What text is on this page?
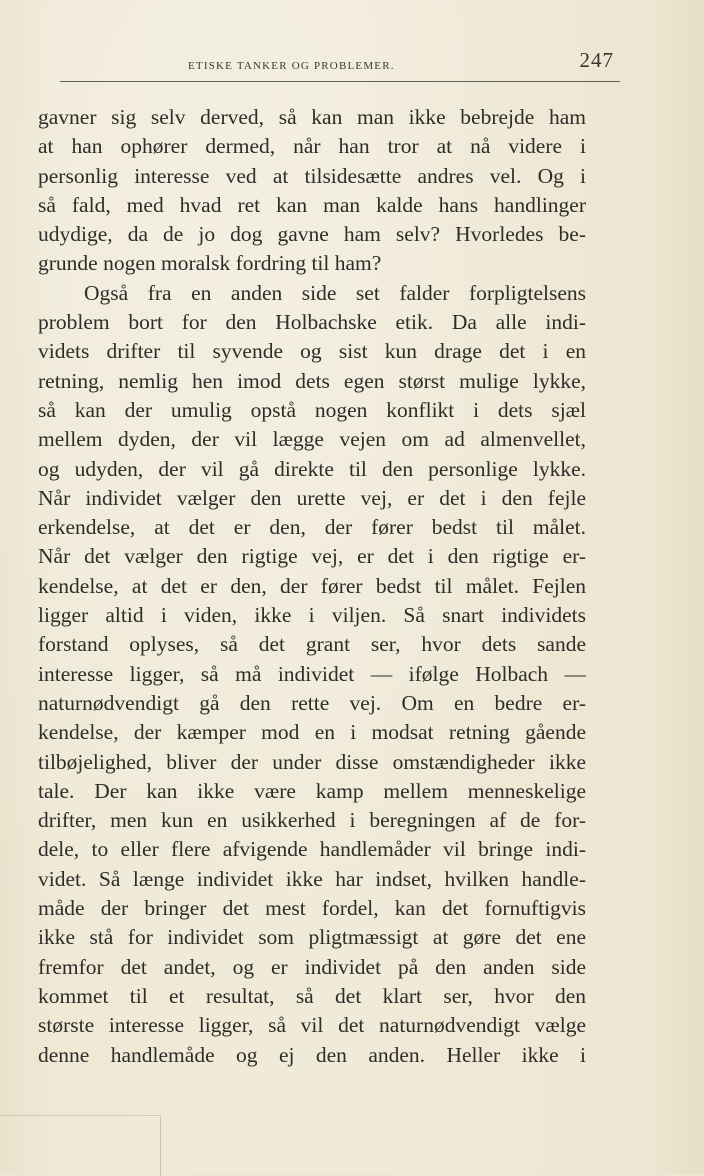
ETISKE TANKER OG PROBLEMER.	247
gavner sig selv derved, så kan man ikke bebrejde ham
at han ophører dermed, når han tror at nå videre i
personlig interesse ved at tilsidesætte andres vel. Og i
så fald, med hvad ret kan man kalde hans handlinger
udydige, da de jo dog gavne ham selv? Hvorledes be-
grunde nogen moralsk fordring til ham?
Også fra en anden side set falder forpligtelsens
problem bort for den Holbachske etik. Da alle indi-
videts drifter til syvende og sist kun drage det i en
retning, nemlig hen imod dets egen størst mulige lykke,
så kan der umulig opstå nogen konflikt i dets sjæl
mellem dyden, der vil lægge vejen om ad almenvellet,
og udyden, der vil gå direkte til den personlige lykke.
Når individet vælger den urette vej, er det i den fejle
erkendelse, at det er den, der fører bedst til målet.
Når det vælger den rigtige vej, er det i den rigtige er-
kendelse, at det er den, der fører bedst til målet. Fejlen
ligger altid i viden, ikke i viljen. Så snart individets
forstand oplyses, så det grant ser, hvor dets sande
interesse ligger, så må individet — ifølge Holbach —
naturnødvendigt gå den rette vej. Om en bedre er-
kendelse, der kæmper mod en i modsat retning gående
tilbøjelighed, bliver der under disse omstændigheder ikke
tale. Der kan ikke være kamp mellem menneskelige
drifter, men kun en usikkerhed i beregningen af de for-
dele, to eller flere afvigende handlemåder vil bringe indi-
videt. Så længe individet ikke har indset, hvilken handle-
måde der bringer det mest fordel, kan det fornuftigvis
ikke stå for individet som pligtmæssigt at gøre det ene
fremfor det andet, og er individet på den anden side
kommet til et resultat, så det klart ser, hvor den
største interesse ligger, så vil det naturnødvendigt vælge
denne handlemåde og ej den anden. Heller ikke i
